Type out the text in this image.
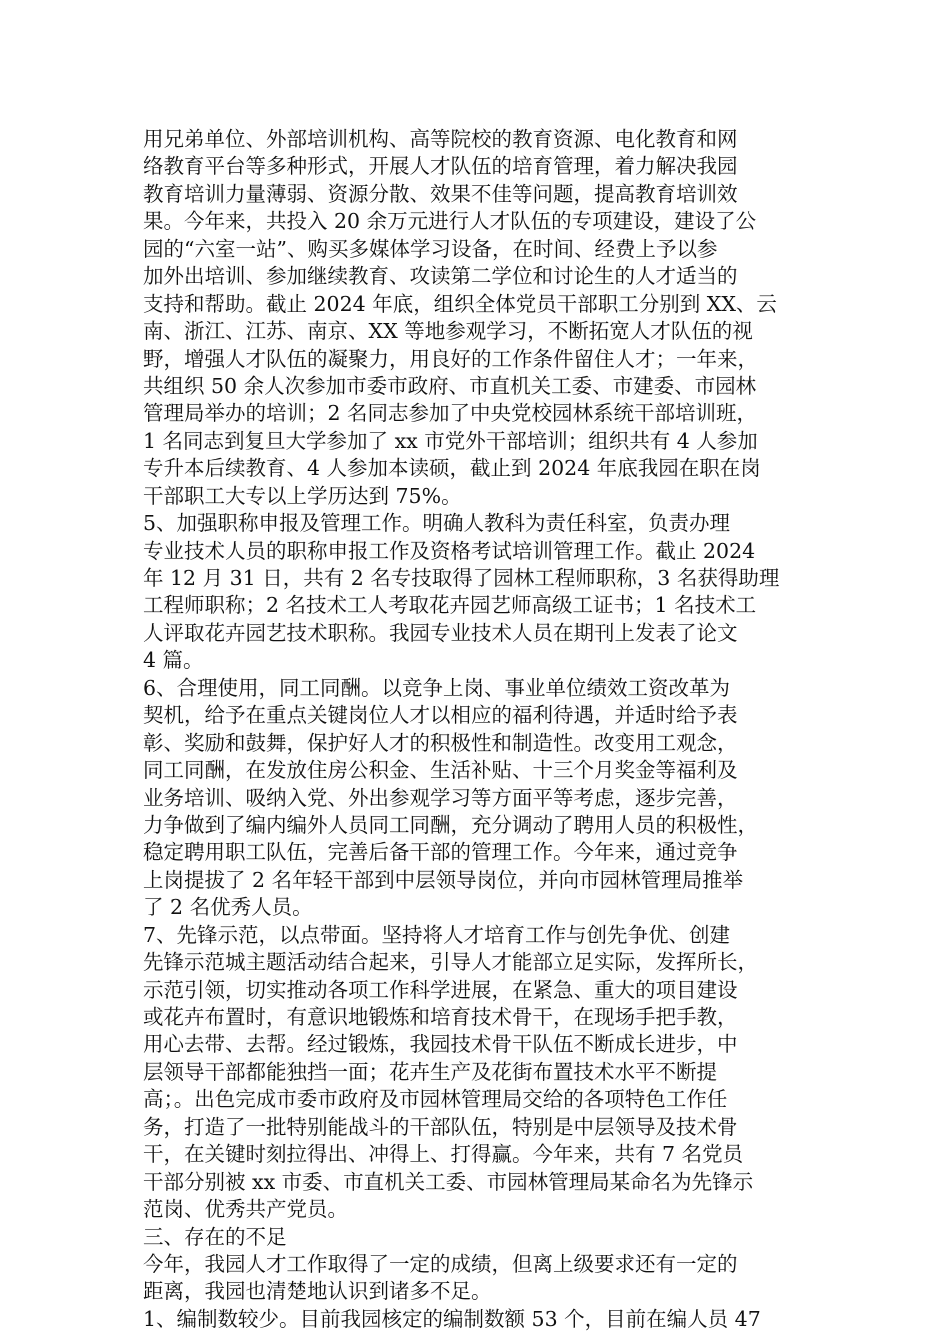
用兄弟单位、外部培训机构、高等院校的教育资源、电化教育和网
络教育平台等多种形式，开展人才队伍的培育管理，着力解决我园
教育培训力量薄弱、资源分散、效果不佳等问题，提高教育培训效
果。今年来，共投入 20 余万元进行人才队伍的专项建设，建设了公
园的“六室一站”、购买多媒体学习设备，在时间、经费上予以参
加外出培训、参加继续教育、攻读第二学位和讨论生的人才适当的
支持和帮助。截止 2024 年底，组织全体党员干部职工分别到 XX、云
南、浙江、江苏、南京、XX 等地参观学习，不断拓宽人才队伍的视
野，增强人才队伍的凝聚力，用良好的工作条件留住人才；一年来，
共组织 50 余人次参加市委市政府、市直机关工委、市建委、市园林
管理局举办的培训；2 名同志参加了中央党校园林系统干部培训班，
1 名同志到复旦大学参加了 xx 市党外干部培训；组织共有 4 人参加
专升本后续教育、4 人参加本读硕，截止到 2024 年底我园在职在岗
干部职工大专以上学历达到 75%。
5、加强职称申报及管理工作。明确人教科为责任科室，负责办理
专业技术人员的职称申报工作及资格考试培训管理工作。截止 2024
年 12 月 31 日，共有 2 名专技取得了园林工程师职称，3 名获得助理
工程师职称；2 名技术工人考取花卉园艺师高级工证书；1 名技术工
人评取花卉园艺技术职称。我园专业技术人员在期刊上发表了论文
4 篇。
6、合理使用，同工同酬。以竞争上岗、事业单位绩效工资改革为
契机，给予在重点关键岗位人才以相应的福利待遇，并适时给予表
彰、奖励和鼓舞，保护好人才的积极性和制造性。改变用工观念，
同工同酬，在发放住房公积金、生活补贴、十三个月奖金等福利及
业务培训、吸纳入党、外出参观学习等方面平等考虑，逐步完善，
力争做到了编内编外人员同工同酬，充分调动了聘用人员的积极性，
稳定聘用职工队伍，完善后备干部的管理工作。今年来，通过竞争
上岗提拔了 2 名年轻干部到中层领导岗位，并向市园林管理局推举
了 2 名优秀人员。
7、先锋示范，以点带面。坚持将人才培育工作与创先争优、创建
先锋示范城主题活动结合起来，引导人才能部立足实际，发挥所长，
示范引领，切实推动各项工作科学进展，在紧急、重大的项目建设
或花卉布置时，有意识地锻炼和培育技术骨干，在现场手把手教，
用心去带、去帮。经过锻炼，我园技术骨干队伍不断成长进步，中
层领导干部都能独挡一面；花卉生产及花街布置技术水平不断提
高；。出色完成市委市政府及市园林管理局交给的各项特色工作任
务，打造了一批特别能战斗的干部队伍，特别是中层领导及技术骨
干，在关键时刻拉得出、冲得上、打得赢。今年来，共有 7 名党员
干部分别被 xx 市委、市直机关工委、市园林管理局某命名为先锋示
范岗、优秀共产党员。
三、存在的不足
今年，我园人才工作取得了一定的成绩，但离上级要求还有一定的
距离，我园也清楚地认识到诸多不足。
1、编制数较少。目前我园核定的编制数额 53 个，目前在编人员 47
